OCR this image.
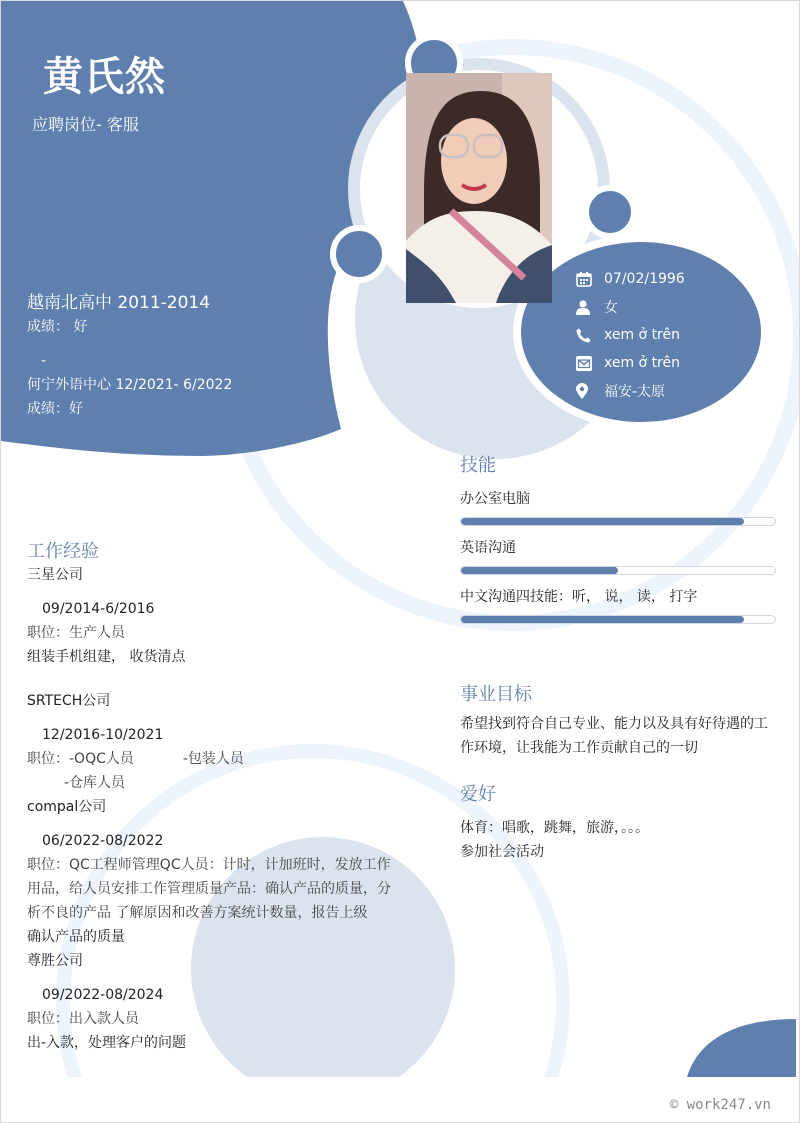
黄氏然
应聘岗位- 客服
越南北高中 2011-2014
成绩： 好
-
何宁外语中心 12/2021- 6/2022
成绩：好
07/02/1996
女
xem ở trên
xem ở trên
福安-太原
工作经验
三星公司
09/2014-6/2016
职位：生产人员
组装手机组建， 收货清点
SRTECH公司
12/2016-10/2021
职位：-OQC人员           -包装人员
-仓库人员
compal公司
06/2022-08/2022
职位：QC工程师管理QC人员：计时，计加班时，发放工作用品，给人员安排工作管理质量产品：确认产品的质量，分析不良的产品 了解原因和改善方案统计数量，报告上级
确认产品的质量
尊胜公司
09/2022-08/2024
职位：出入款人员
出-入款，处理客户的问题
技能
办公室电脑
英语沟通
中文沟通四技能：听， 说， 读， 打字
事业目标

希望找到符合自己专业、能力以及具有好待遇的工作环境，让我能为工作贡献自己的一切

爱好

体育：唱歌，跳舞，旅游，。。。

参加社会活动

© work247.vn
